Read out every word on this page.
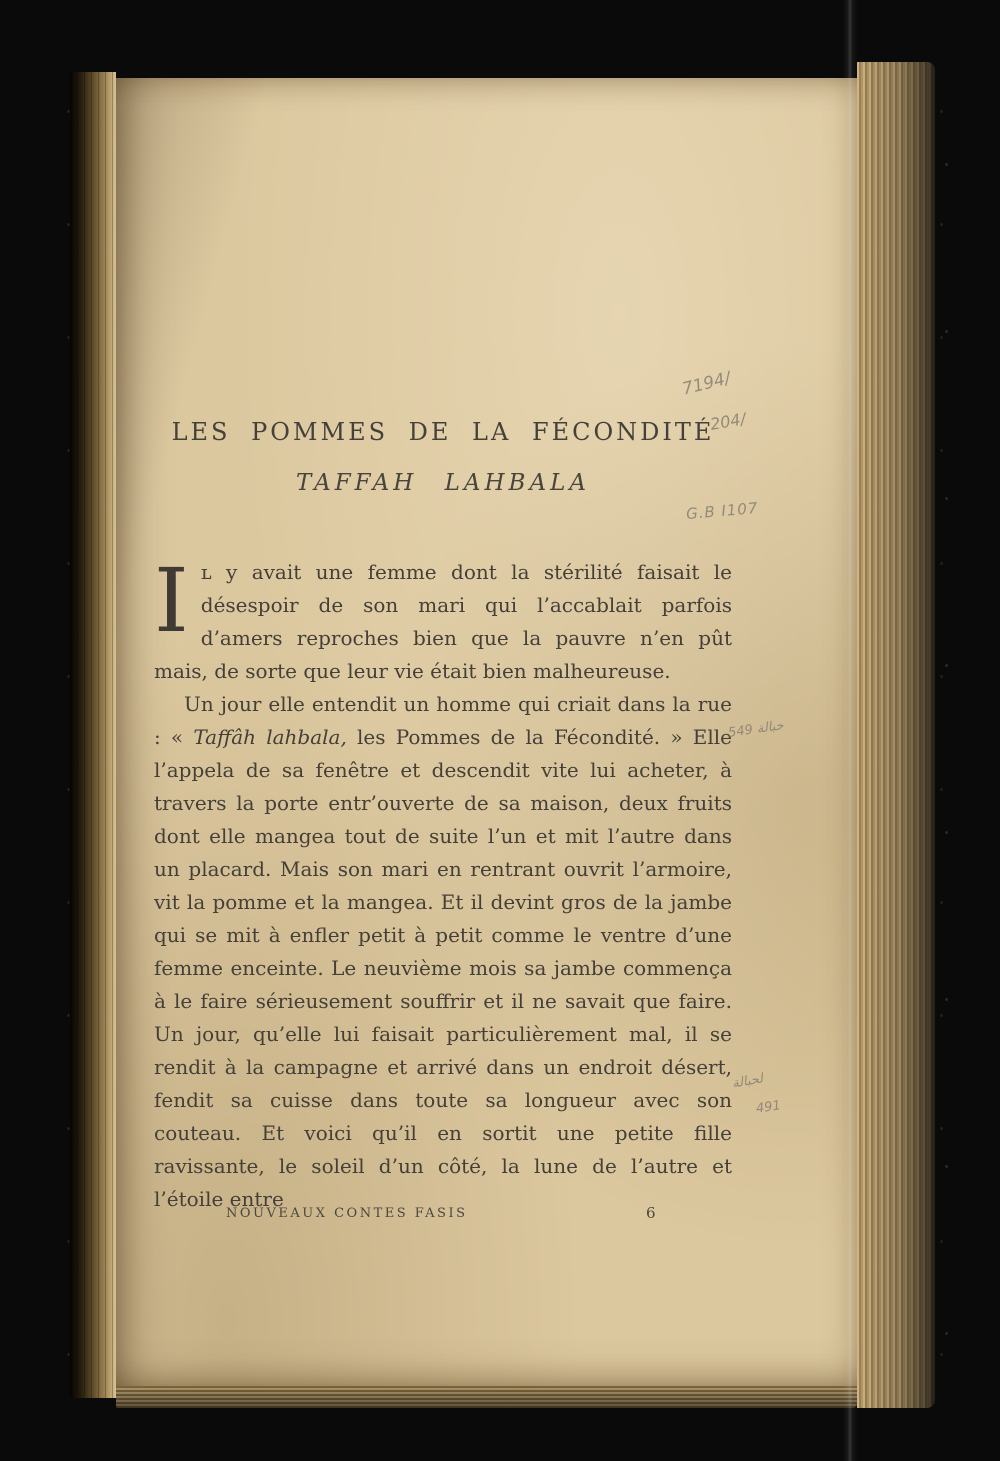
LES POMMES DE LA FÉCONDITÉ
TAFFAH LAHBALA

Iʟ y avait une femme dont la stérilité faisait le désespoir de son mari qui l’accablait parfois d’amers reproches bien que la pauvre n’en pût mais, de sorte que leur vie était bien malheureuse.

Un jour elle entendit un homme qui criait dans la rue : « Taffâh lahbala, les Pommes de la Fécondité. » Elle l’appela de sa fenêtre et descendit vite lui acheter, à travers la porte entr’ouverte de sa maison, deux fruits dont elle mangea tout de suite l’un et mit l’autre dans un placard. Mais son mari en rentrant ouvrit l’armoire, vit la pomme et la mangea. Et il devint gros de la jambe qui se mit à enfler petit à petit comme le ventre d’une femme enceinte. Le neuvième mois sa jambe commença à le faire sérieusement souffrir et il ne savait que faire. Un jour, qu’elle lui faisait particulièrement mal, il se rendit à la campagne et arrivé dans un endroit désert, fendit sa cuisse dans toute sa longueur avec son couteau. Et voici qu’il en sortit une petite fille ravissante, le soleil d’un côté, la lune de l’autre et l’étoile entre

NOUVEAUX CONTES FASIS	6
7194/
204/
G.B I107
حبالة 549
لحبالة
491
